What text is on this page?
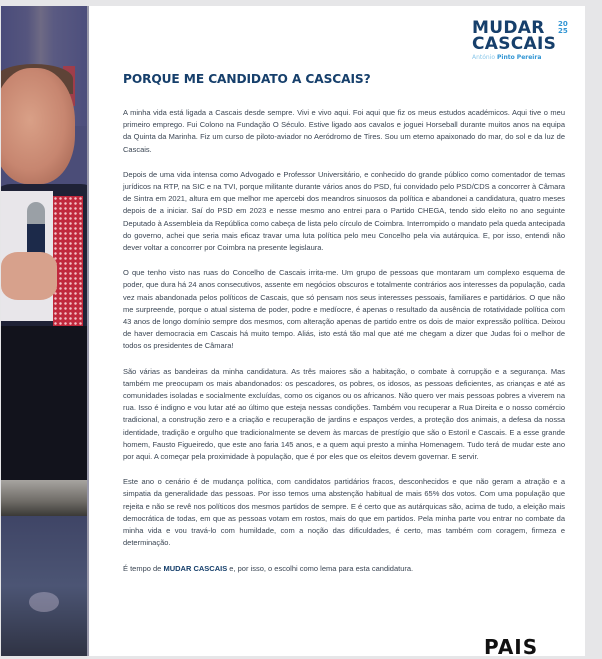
MUDAR
CASCAIS
20
25
António Pinto Pereira
PORQUE ME CANDIDATO A CASCAIS?

A minha vida está ligada a Cascais desde sempre. Vivi e vivo aqui. Foi aqui que fiz os meus estudos académicos. Aqui tive o meu primeiro emprego. Fui Colono na Fundação O Século. Estive ligado aos cavalos e joguei Horseball durante muitos anos na equipa da Quinta da Marinha. Fiz um curso de piloto-aviador no Aeródromo de Tires. Sou um eterno apaixonado do mar, do sol e da luz de Cascais.

Depois de uma vida intensa como Advogado e Professor Universitário, e conhecido do grande público como comentador de temas jurídicos na RTP, na SIC e na TVI, porque militante durante vários anos do PSD, fui convidado pelo PSD/CDS a concorrer à Câmara de Sintra em 2021, altura em que melhor me apercebi dos meandros sinuosos da política e abandonei a candidatura, quatro meses depois de a iniciar. Saí do PSD em 2023 e nesse mesmo ano entrei para o Partido CHEGA, tendo sido eleito no ano seguinte Deputado à Assembleia da República como cabeça de lista pelo círculo de Coimbra. Interrompido o mandato pela queda antecipada do governo, achei que seria mais eficaz travar uma luta política pelo meu Concelho pela via autárquica. E, por isso, entendi não dever voltar a concorrer por Coimbra na presente legislaura.

O que tenho visto nas ruas do Concelho de Cascais irrita-me. Um grupo de pessoas que montaram um complexo esquema de poder, que dura há 24 anos consecutivos, assente em negócios obscuros e totalmente contrários aos interesses da população, cada vez mais abandonada pelos políticos de Cascais, que só pensam nos seus interesses pessoais, familiares e partidários. O que não me surpreende, porque o atual sistema de poder, podre e medíocre, é apenas o resultado da ausência de rotatividade política com 43 anos de longo domínio sempre dos mesmos, com alteração apenas de partido entre os dois de maior expressão política. Deixou de haver democracia em Cascais há muito tempo. Aliás, isto está tão mal que até me chegam a dizer que Judas foi o melhor de todos os presidentes de Câmara!

São várias as bandeiras da minha candidatura. As três maiores são a habitação, o combate à corrupção e a segurança. Mas também me preocupam os mais abandonados: os pescadores, os pobres, os idosos, as pessoas deficientes, as crianças e até as comunidades isoladas e socialmente excluídas, como os ciganos ou os africanos. Não quero ver mais pessoas pobres a viverem na rua. Isso é indigno e vou lutar até ao último que esteja nessas condições. Também vou recuperar a Rua Direita e o nosso comércio tradicional, a construção zero e a criação e recuperação de jardins e espaços verdes, a proteção dos animais, a defesa da nossa identidade, tradição e orgulho que tradicionalmente se devem às marcas de prestígio que são o Estoril e Cascais. E a esse grande homem, Fausto Figueiredo, que este ano faria 145 anos, e a quem aqui presto a minha Homenagem. Tudo terá de mudar este ano por aqui. A começar pela proximidade à população, que é por eles que os eleitos devem governar. E servir.

Este ano o cenário é de mudança política, com candidatos partidários fracos, desconhecidos e que não geram a atração e a simpatia da generalidade das pessoas. Por isso temos uma abstenção habitual de mais 65% dos votos. Com uma população que rejeita e não se revê nos políticos dos mesmos partidos de sempre. E é certo que as autárquicas são, acima de tudo, a eleição mais democrática de todas, em que as pessoas votam em rostos, mais do que em partidos. Pela minha parte vou entrar no combate da minha vida e vou travá-lo com humildade, com a noção das dificuldades, é certo, mas também com coragem, firmeza e determinação.

É tempo de MUDAR CASCAIS e, por isso, o escolhi como lema para esta candidatura.

PAIS
